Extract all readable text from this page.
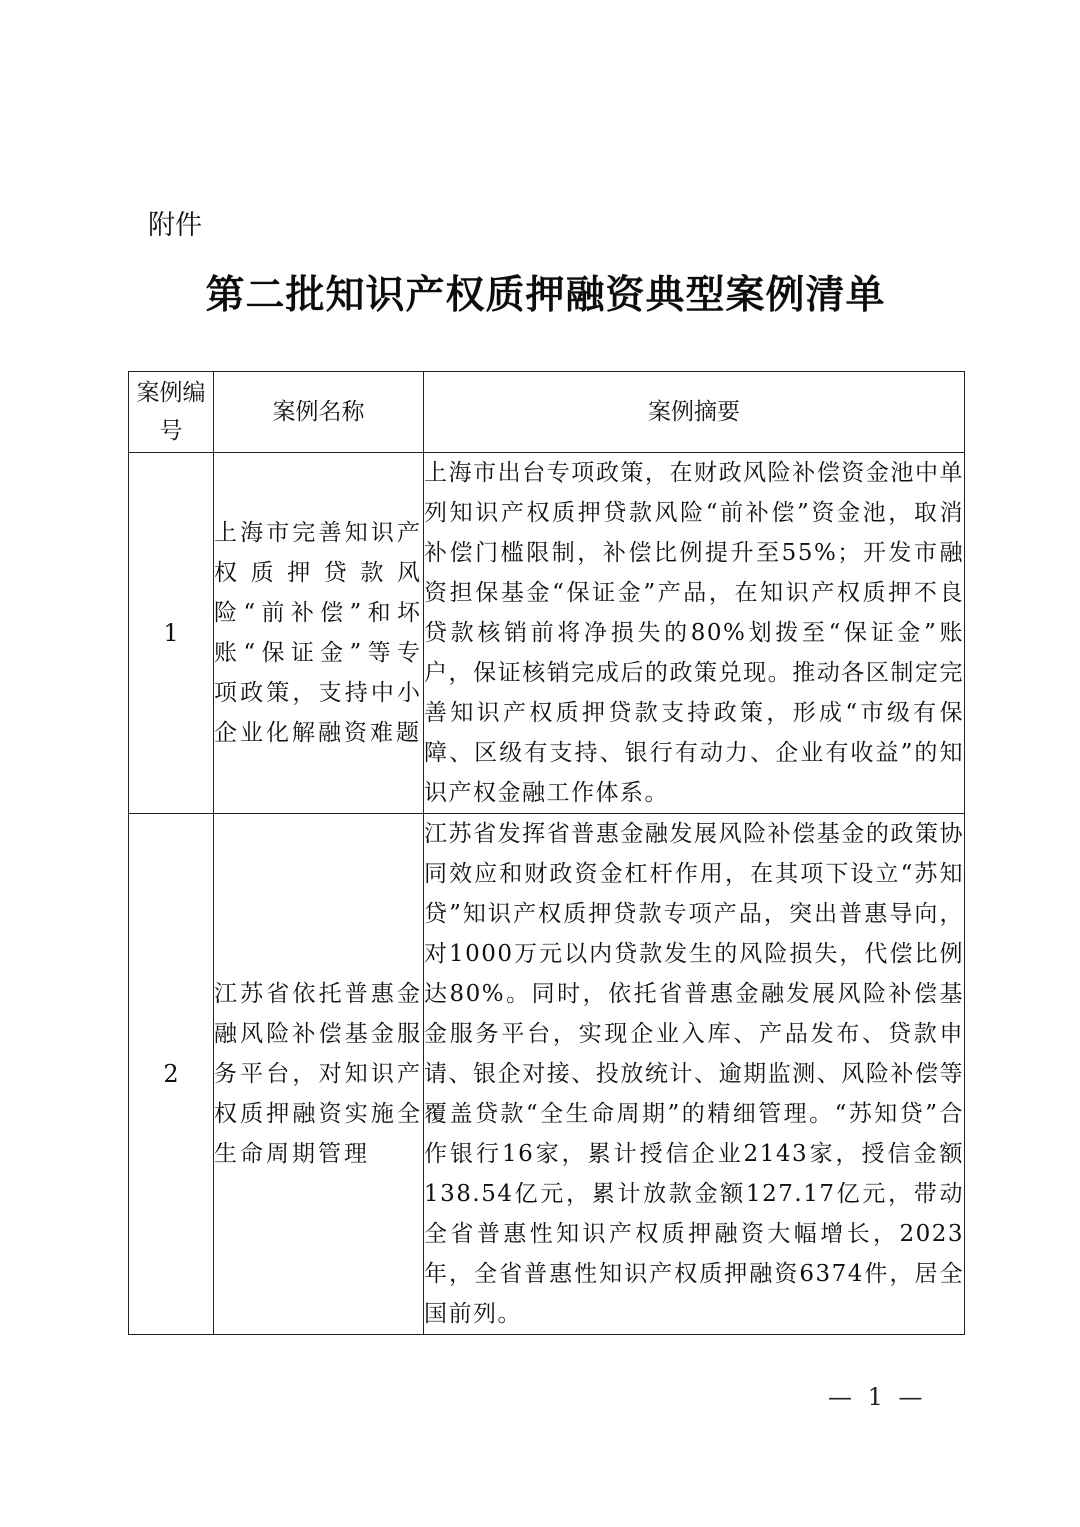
附件
第二批知识产权质押融资典型案例清单
案例编号	案例名称	案例摘要
1	上海市完善知识产权质押贷款风险“前补偿”和坏账“保证金”等专项政策，支持中小企业化解融资难题	上海市出台专项政策，在财政风险补偿资金池中单列知识产权质押贷款风险“前补偿”资金池，取消补偿门槛限制，补偿比例提升至55%；开发市融资担保基金“保证金”产品，在知识产权质押不良贷款核销前将净损失的80%划拨至“保证金”账户，保证核销完成后的政策兑现。推动各区制定完善知识产权质押贷款支持政策，形成“市级有保障、区级有支持、银行有动力、企业有收益”的知识产权金融工作体系。
2	江苏省依托普惠金融风险补偿基金服务平台，对知识产权质押融资实施全生命周期管理	江苏省发挥省普惠金融发展风险补偿基金的政策协同效应和财政资金杠杆作用，在其项下设立“苏知贷”知识产权质押贷款专项产品，突出普惠导向，对1000万元以内贷款发生的风险损失，代偿比例达80%。同时，依托省普惠金融发展风险补偿基金服务平台，实现企业入库、产品发布、贷款申请、银企对接、投放统计、逾期监测、风险补偿等覆盖贷款“全生命周期”的精细管理。“苏知贷”合作银行16家，累计授信企业2143家，授信金额138.54亿元，累计放款金额127.17亿元，带动全省普惠性知识产权质押融资大幅增长，2023年，全省普惠性知识产权质押融资6374件，居全国前列。
— 1 —
